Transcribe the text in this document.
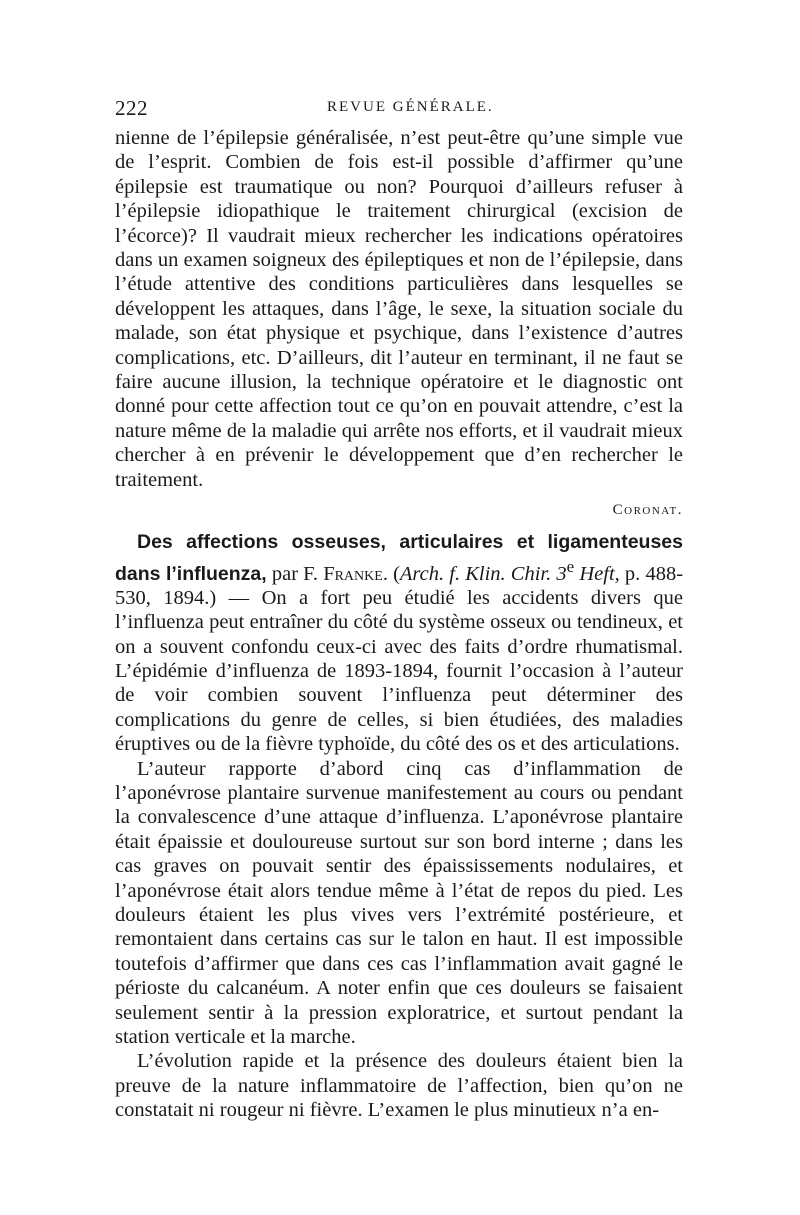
222	REVUE GÉNÉRALE.

nienne de l’épilepsie généralisée, n’est peut-être qu’une simple vue de l’esprit. Combien de fois est-il possible d’affirmer qu’une épilepsie est traumatique ou non? Pourquoi d’ailleurs refuser à l’épilepsie idiopathique le traitement chirurgical (excision de l’écorce)? Il vaudrait mieux rechercher les indications opératoires dans un examen soigneux des épileptiques et non de l’épilepsie, dans l’étude attentive des conditions particulières dans lesquelles se développent les attaques, dans l’âge, le sexe, la situation sociale du malade, son état physique et psychique, dans l’existence d’autres complications, etc. D’ailleurs, dit l’auteur en terminant, il ne faut se faire aucune illusion, la technique opératoire et le diagnostic ont donné pour cette affection tout ce qu’on en pouvait attendre, c’est la nature même de la maladie qui arrête nos efforts, et il vaudrait mieux chercher à en prévenir le développement que d’en rechercher le traitement.

Coronat.

Des affections osseuses, articulaires et ligamenteuses dans l’influenza, par F. Franke. (Arch. f. Klin. Chir. 3e Heft, p. 488-530, 1894.) — On a fort peu étudié les accidents divers que l’influenza peut entraîner du côté du système osseux ou tendineux, et on a souvent confondu ceux-ci avec des faits d’ordre rhumatismal. L’épidémie d’influenza de 1893-1894, fournit l’occasion à l’auteur de voir combien souvent l’influenza peut déterminer des complications du genre de celles, si bien étudiées, des maladies éruptives ou de la fièvre typhoïde, du côté des os et des articulations.

L’auteur rapporte d’abord cinq cas d’inflammation de l’aponévrose plantaire survenue manifestement au cours ou pendant la convalescence d’une attaque d’influenza. L’aponévrose plantaire était épaissie et douloureuse surtout sur son bord interne ; dans les cas graves on pouvait sentir des épaississements nodulaires, et l’aponévrose était alors tendue même à l’état de repos du pied. Les douleurs étaient les plus vives vers l’extrémité postérieure, et remontaient dans certains cas sur le talon en haut. Il est impossible toutefois d’affirmer que dans ces cas l’inflammation avait gagné le périoste du calcanéum. A noter enfin que ces douleurs se faisaient seulement sentir à la pression exploratrice, et surtout pendant la station verticale et la marche.

L’évolution rapide et la présence des douleurs étaient bien la preuve de la nature inflammatoire de l’affection, bien qu’on ne constatait ni rougeur ni fièvre. L’examen le plus minutieux n’a en-
